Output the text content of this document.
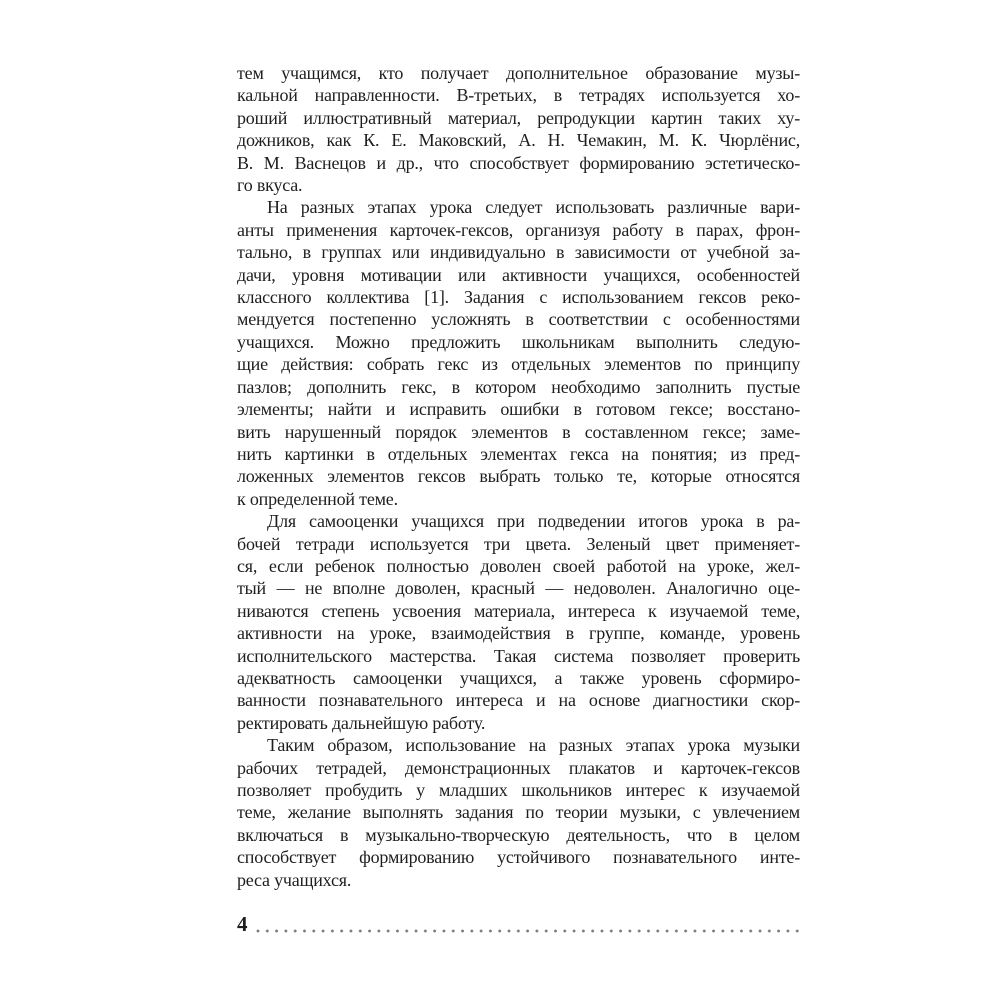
тем учащимся, кто получает дополнительное образование музы-
кальной направленности. В-третьих, в тетрадях используется хо-
роший иллюстративный материал, репродукции картин таких ху-
дожников, как К. Е. Маковский, А. Н. Чемакин, М. К. Чюрлёнис,
В. М. Васнецов и др., что способствует формированию эстетическо-
го вкуса.
На разных этапах урока следует использовать различные вари-
анты применения карточек-гексов, организуя работу в парах, фрон-
тально, в группах или индивидуально в зависимости от учебной за-
дачи, уровня мотивации или активности учащихся, особенностей
классного коллектива [1]. Задания с использованием гексов реко-
мендуется постепенно усложнять в соответствии с особенностями
учащихся. Можно предложить школьникам выполнить следую-
щие действия: собрать гекс из отдельных элементов по принципу
пазлов; дополнить гекс, в котором необходимо заполнить пустые
элементы; найти и исправить ошибки в готовом гексе; восстано-
вить нарушенный порядок элементов в составленном гексе; заме-
нить картинки в отдельных элементах гекса на понятия; из пред-
ложенных элементов гексов выбрать только те, которые относятся
к определенной теме.
Для самооценки учащихся при подведении итогов урока в ра-
бочей тетради используется три цвета. Зеленый цвет применяет-
ся, если ребенок полностью доволен своей работой на уроке, жел-
тый — не вполне доволен, красный — недоволен. Аналогично оце-
ниваются степень усвоения материала, интереса к изучаемой теме,
активности на уроке, взаимодействия в группе, команде, уровень
исполнительского мастерства. Такая система позволяет проверить
адекватность самооценки учащихся, а также уровень сформиро-
ванности познавательного интереса и на основе диагностики скор-
ректировать дальнейшую работу.
Таким образом, использование на разных этапах урока музыки
рабочих тетрадей, демонстрационных плакатов и карточек-гексов
позволяет пробудить у младших школьников интерес к изучаемой
теме, желание выполнять задания по теории музыки, с увлечением
включаться в музыкально-творческую деятельность, что в целом
способствует формированию устойчивого познавательного инте-
реса учащихся.
4
